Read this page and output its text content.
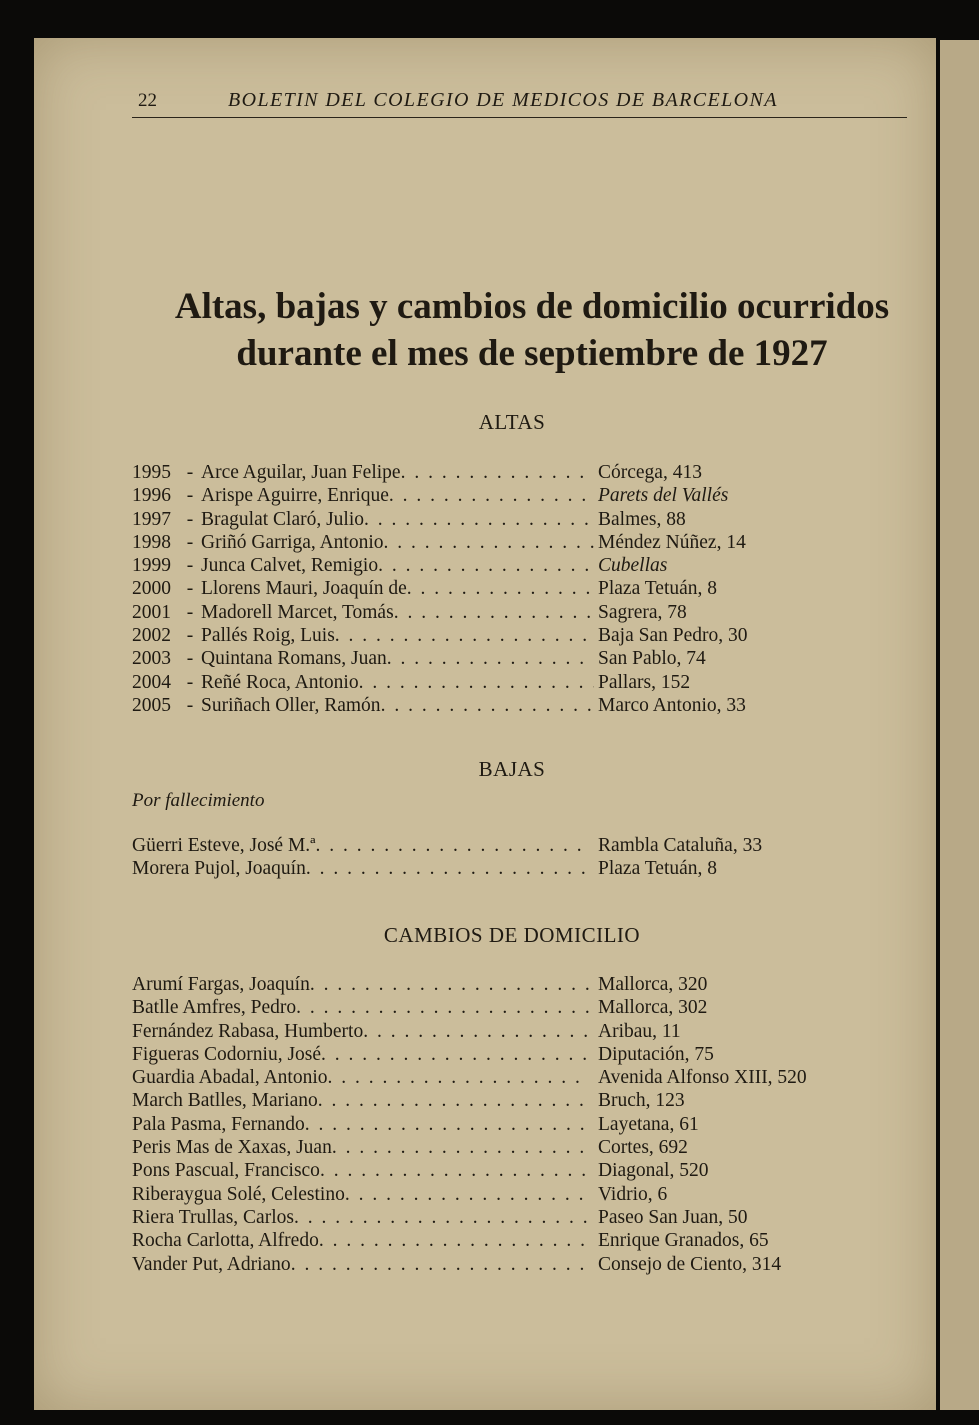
22	BOLETIN DEL COLEGIO DE MEDICOS DE BARCELONA
Altas, bajas y cambios de domicilio ocurridos
durante el mes de septiembre de 1927
ALTAS
1995 - Arce Aguilar, Juan Felipe . . .	Córcega, 413
1996 - Arispe Aguirre, Enrique . . .	Parets del Vallés
1997 - Bragulat Claró, Julio . . .	Balmes, 88
1998 - Griñó Garriga, Antonio . . .	Méndez Núñez, 14
1999 - Junca Calvet, Remigio . . .	Cubellas
2000 - Llorens Mauri, Joaquín de . . .	Plaza Tetuán, 8
2001 - Madorell Marcet, Tomás . . .	Sagrera, 78
2002 - Pallés Roig, Luis . . .	Baja San Pedro, 30
2003 - Quintana Romans, Juan . . .	San Pablo, 74
2004 - Reñé Roca, Antonio . . .	Pallars, 152
2005 - Suriñach Oller, Ramón . . .	Marco Antonio, 33
BAJAS
Por fallecimiento
Güerri Esteve, José M.ª . . .	Rambla Cataluña, 33
Morera Pujol, Joaquín . . .	Plaza Tetuán, 8
CAMBIOS DE DOMICILIO
Arumí Fargas, Joaquín . . .	Mallorca, 320
Batlle Amfres, Pedro . . .	Mallorca, 302
Fernández Rabasa, Humberto . . .	Aribau, 11
Figueras Codorniu, José . . .	Diputación, 75
Guardia Abadal, Antonio . . .	Avenida Alfonso XIII, 520
March Batlles, Mariano . . .	Bruch, 123
Pala Pasma, Fernando . . .	Layetana, 61
Peris Mas de Xaxas, Juan . . .	Cortes, 692
Pons Pascual, Francisco . . .	Diagonal, 520
Riberaygua Solé, Celestino . . .	Vidrio, 6
Riera Trullas, Carlos . . .	Paseo San Juan, 50
Rocha Carlotta, Alfredo . . .	Enrique Granados, 65
Vander Put, Adriano . . .	Consejo de Ciento, 314
